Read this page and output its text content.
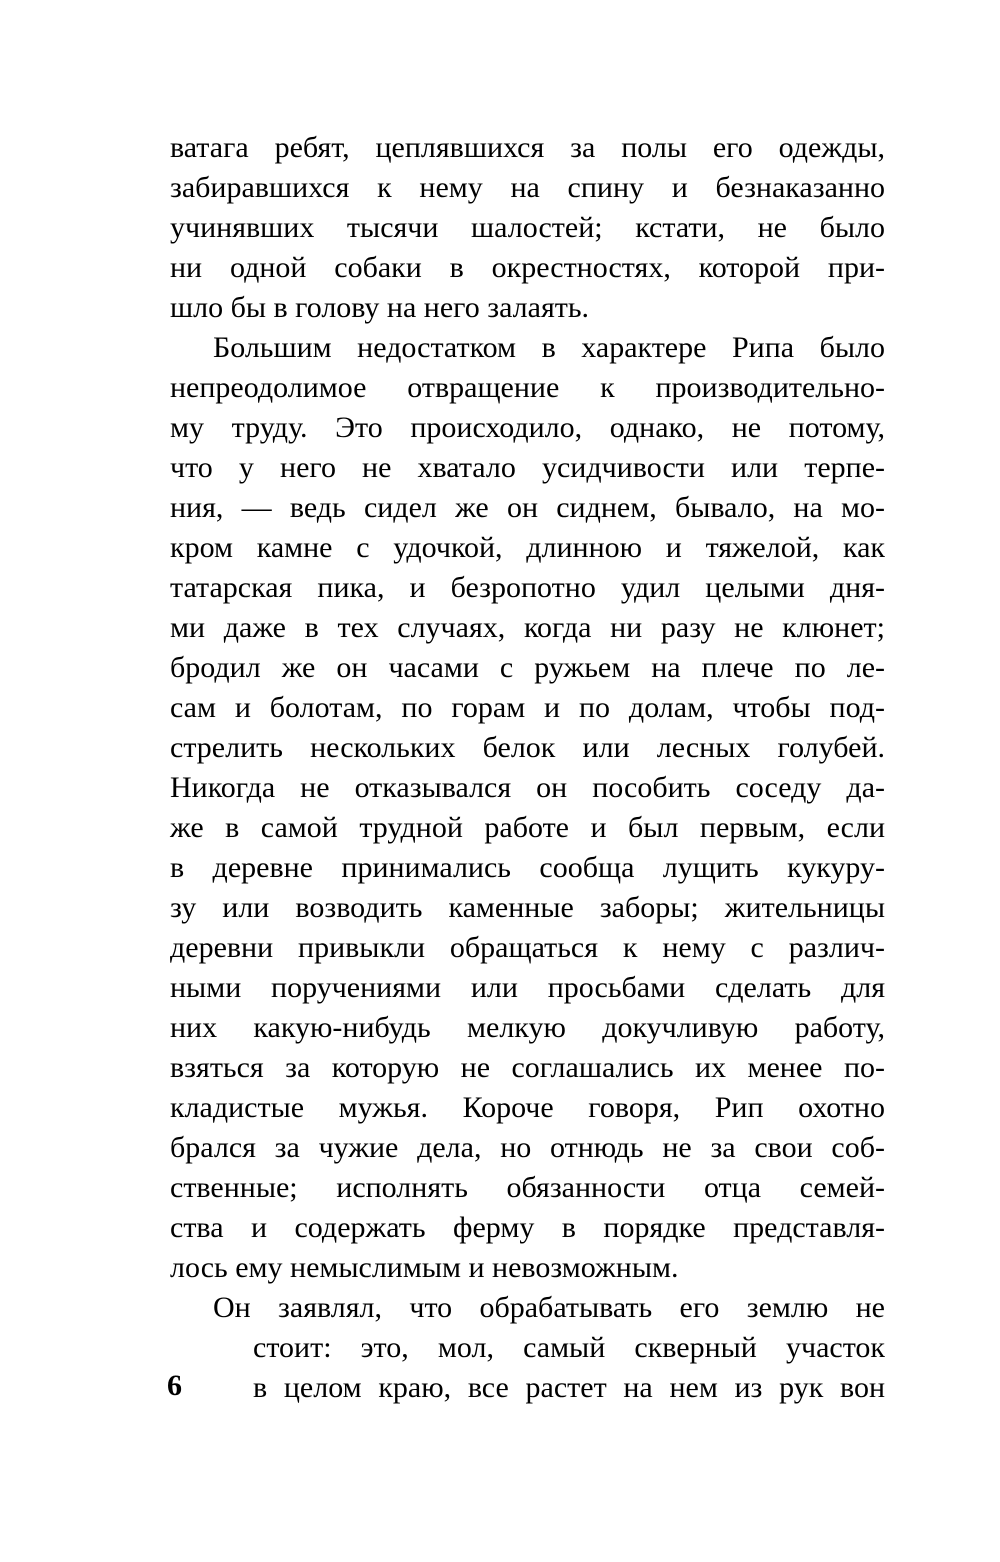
ватага ребят, цеплявшихся за полы его одежды,
забиравшихся к нему на спину и безнаказанно
учинявших тысячи шалостей; кстати, не было
ни одной собаки в окрестностях, которой при-
шло бы в голову на него залаять.
Большим недостатком в характере Рипа было
непреодолимое отвращение к производительно-
му труду. Это происходило, однако, не потому,
что у него не хватало усидчивости или терпе-
ния, — ведь сидел же он сиднем, бывало, на мо-
кром камне с удочкой, длинною и тяжелой, как
татарская пика, и безропотно удил целыми дня-
ми даже в тех случаях, когда ни разу не клюнет;
бродил же он часами с ружьем на плече по ле-
сам и болотам, по горам и по долам, чтобы под-
стрелить нескольких белок или лесных голубей.
Никогда не отказывался он пособить соседу да-
же в самой трудной работе и был первым, если
в деревне принимались сообща лущить кукуру-
зу или возводить каменные заборы; жительницы
деревни привыкли обращаться к нему с различ-
ными поручениями или просьбами сделать для
них какую-нибудь мелкую докучливую работу,
взяться за которую не соглашались их менее по-
кладистые мужья. Короче говоря, Рип охотно
брался за чужие дела, но отнюдь не за свои соб-
ственные; исполнять обязанности отца семей-
ства и содержать ферму в порядке представля-
лось ему немыслимым и невозможным.
Он заявлял, что обрабатывать его землю не
стоит: это, мол, самый скверный участок
в целом краю, все растет на нем из рук вон
6
